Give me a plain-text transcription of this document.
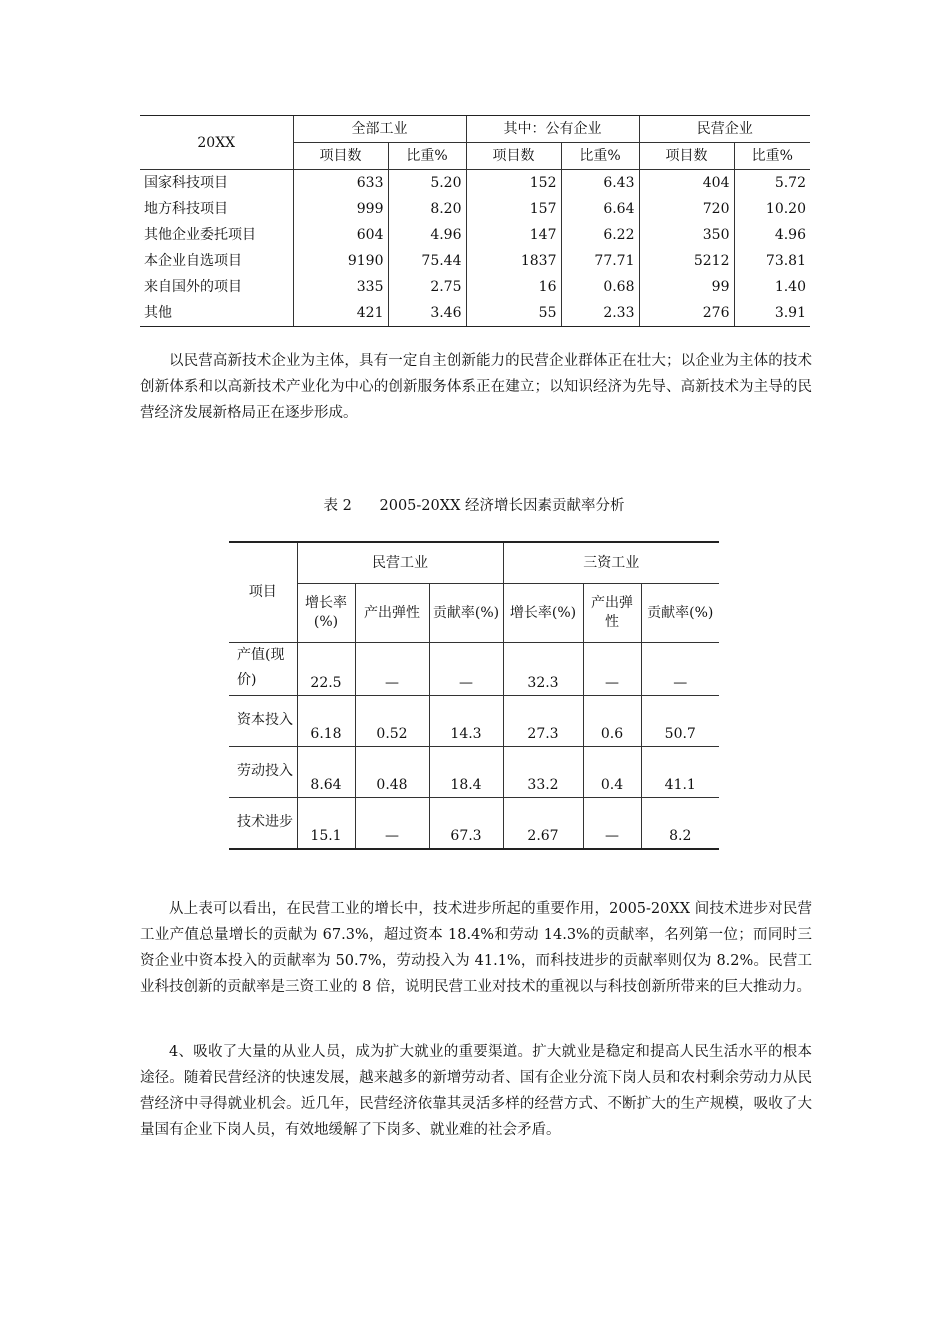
20XX	全部工业		其中：公有企业		民营企业	
	项目数	比重%	项目数	比重%	项目数	比重%
国家科技项目	633	5.20	152	6.43	404	5.72
地方科技项目	999	8.20	157	6.64	720	10.20
其他企业委托项目	604	4.96	147	6.22	350	4.96
本企业自选项目	9190	75.44	1837	77.71	5212	73.81
来自国外的项目	335	2.75	16	0.68	99	1.40
其他	421	3.46	55	2.33	276	3.91

以民营高新技术企业为主体，具有一定自主创新能力的民营企业群体正在壮大；以企业为主体的技术创新体系和以高新技术产业化为中心的创新服务体系正在建立；以知识经济为先导、高新技术为主导的民营经济发展新格局正在逐步形成。

表 2      2005-20XX 经济增长因素贡献率分析
项目	民营工业			三资工业		
	增长率(%)	产出弹性	贡献率(%)	增长率(%)	产出弹性	贡献率(%)
产值(现价)	22.5	—	—	32.3	—	—
资本投入	6.18	0.52	14.3	27.3	0.6	50.7
劳动投入	8.64	0.48	18.4	33.2	0.4	41.1
技术进步	15.1	—	67.3	2.67	—	8.2

从上表可以看出，在民营工业的增长中，技术进步所起的重要作用，2005-20XX 间技术进步对民营工业产值总量增长的贡献为 67.3%，超过资本 18.4%和劳动 14.3%的贡献率，名列第一位；而同时三资企业中资本投入的贡献率为 50.7%，劳动投入为 41.1%，而科技进步的贡献率则仅为 8.2%。民营工业科技创新的贡献率是三资工业的 8 倍，说明民营工业对技术的重视以与科技创新所带来的巨大推动力。

4、吸收了大量的从业人员，成为扩大就业的重要渠道。扩大就业是稳定和提高人民生活水平的根本途径。随着民营经济的快速发展，越来越多的新增劳动者、国有企业分流下岗人员和农村剩余劳动力从民营经济中寻得就业机会。近几年，民营经济依靠其灵活多样的经营方式、不断扩大的生产规模，吸收了大量国有企业下岗人员，有效地缓解了下岗多、就业难的社会矛盾。
